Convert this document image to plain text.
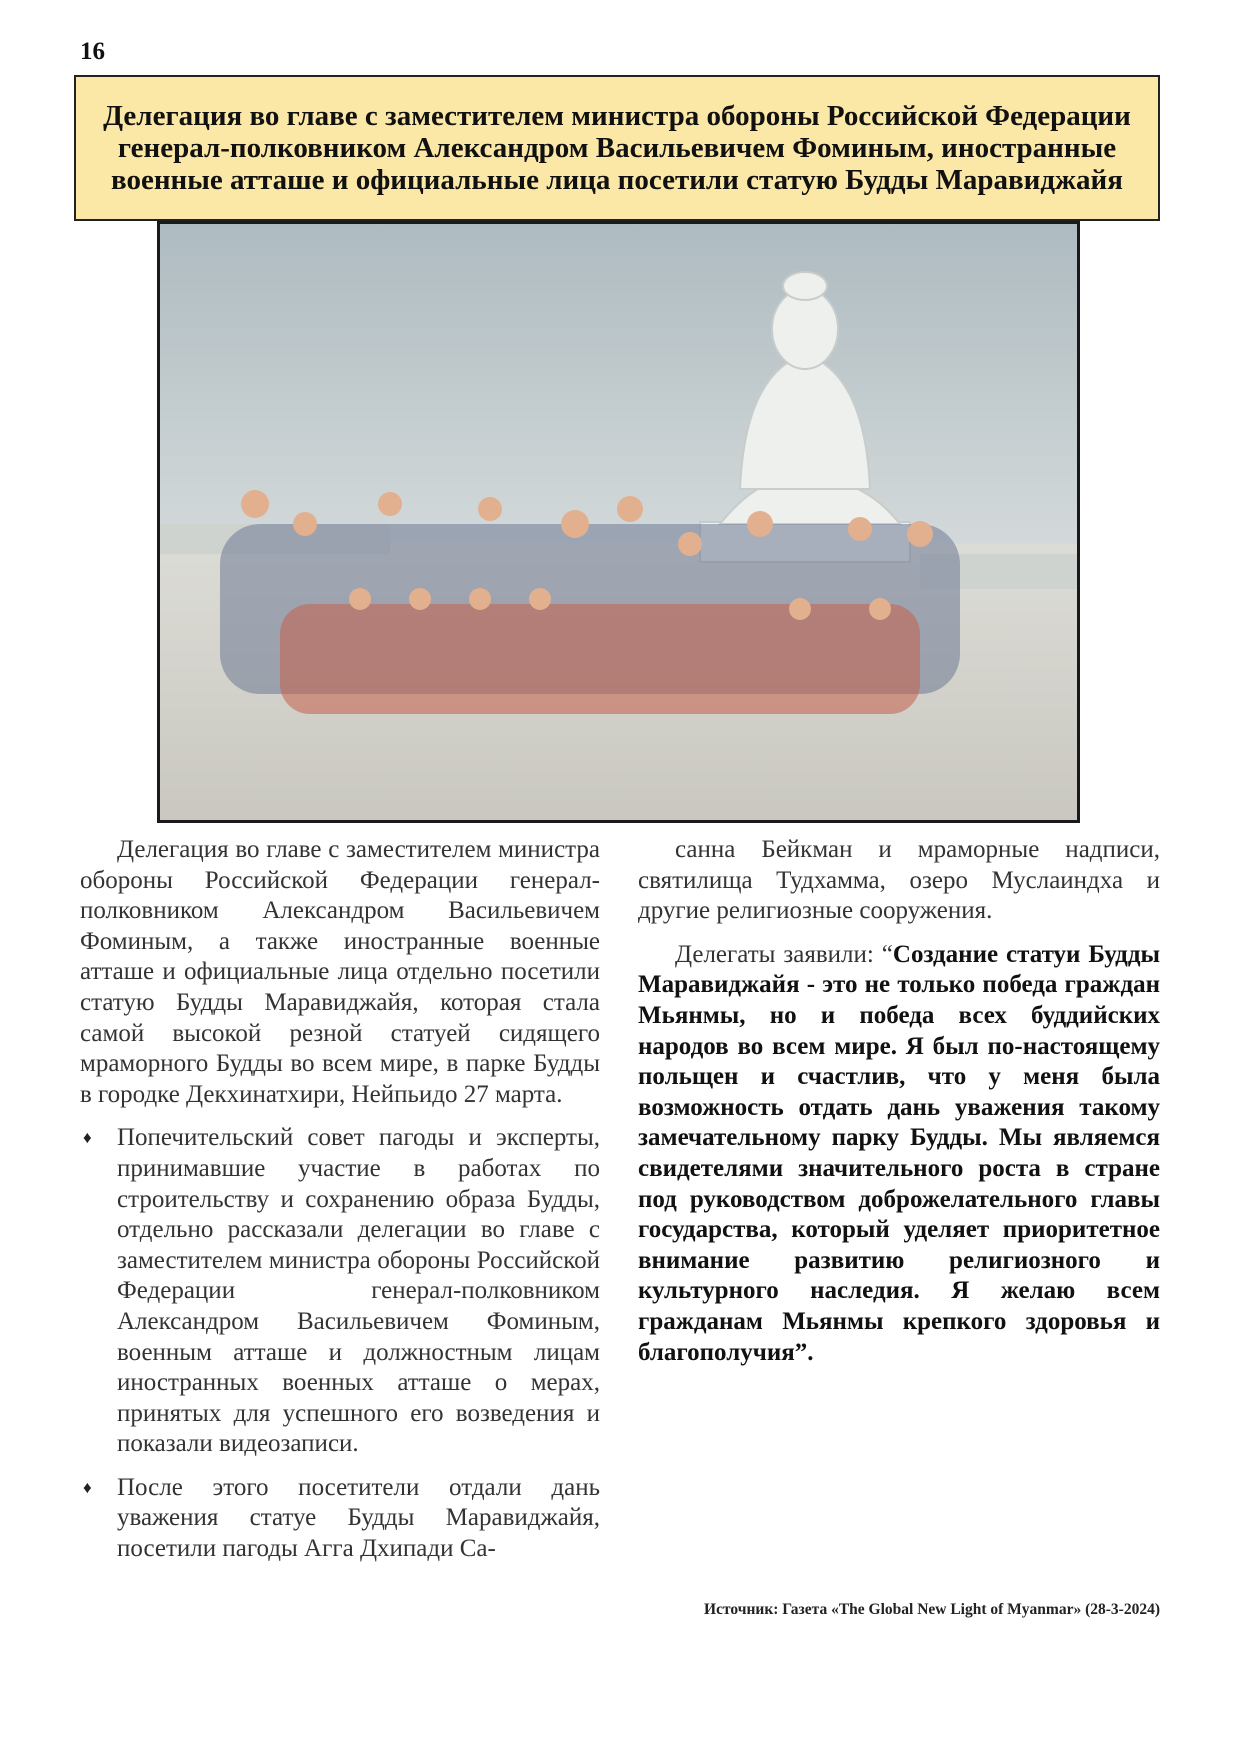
16
Делегация во главе с заместителем министра обороны Российской Федерации генерал-полковником Александром Васильевичем Фоминым, иностранные военные атташе и официальные лица посетили статую Будды Маравиджайя

Делегация во главе с заместителем министра обороны Российской Федерации генерал-полковником Александром Васильевичем Фоминым, а также иностранные военные атташе и официальные лица отдельно посетили статую Будды Маравиджайя, которая стала самой высокой резной статуей сидящего мраморного Будды во всем мире, в парке Будды в городке Декхинатхири, Нейпьидо 27 марта.

♦ Попечительский совет пагоды и эксперты, принимавшие участие в работах по строительству и сохранению образа Будды, отдельно рассказали делегации во главе с заместителем министра обороны Российской Федерации генерал-полковником Александром Васильевичем Фоминым, военным атташе и должностным лицам иностранных военных атташе о мерах, принятых для успешного его возведения и показали видеозаписи.

♦ После этого посетители отдали дань уважения статуе Будды Маравиджайя, посетили пагоды Агга Дхипади Са-

санна Бейкман и мраморные надписи, святилища Тудхамма, озеро Муслаиндха и другие религиозные сооружения.

Делегаты заявили: “Создание статуи Будды Маравиджайя - это не только победа граждан Мьянмы, но и победа всех буддийских народов во всем мире. Я был по-настоящему польщен и счастлив, что у меня была возможность отдать дань уважения такому замечательному парку Будды. Мы являемся свидетелями значительного роста в стране под руководством доброжелательного главы государства, который уделяет приоритетное внимание развитию религиозного и культурного наследия. Я желаю всем гражданам Мьянмы крепкого здоровья и благополучия”.

Источник: Газета «The Global New Light of Myanmar» (28-3-2024)
